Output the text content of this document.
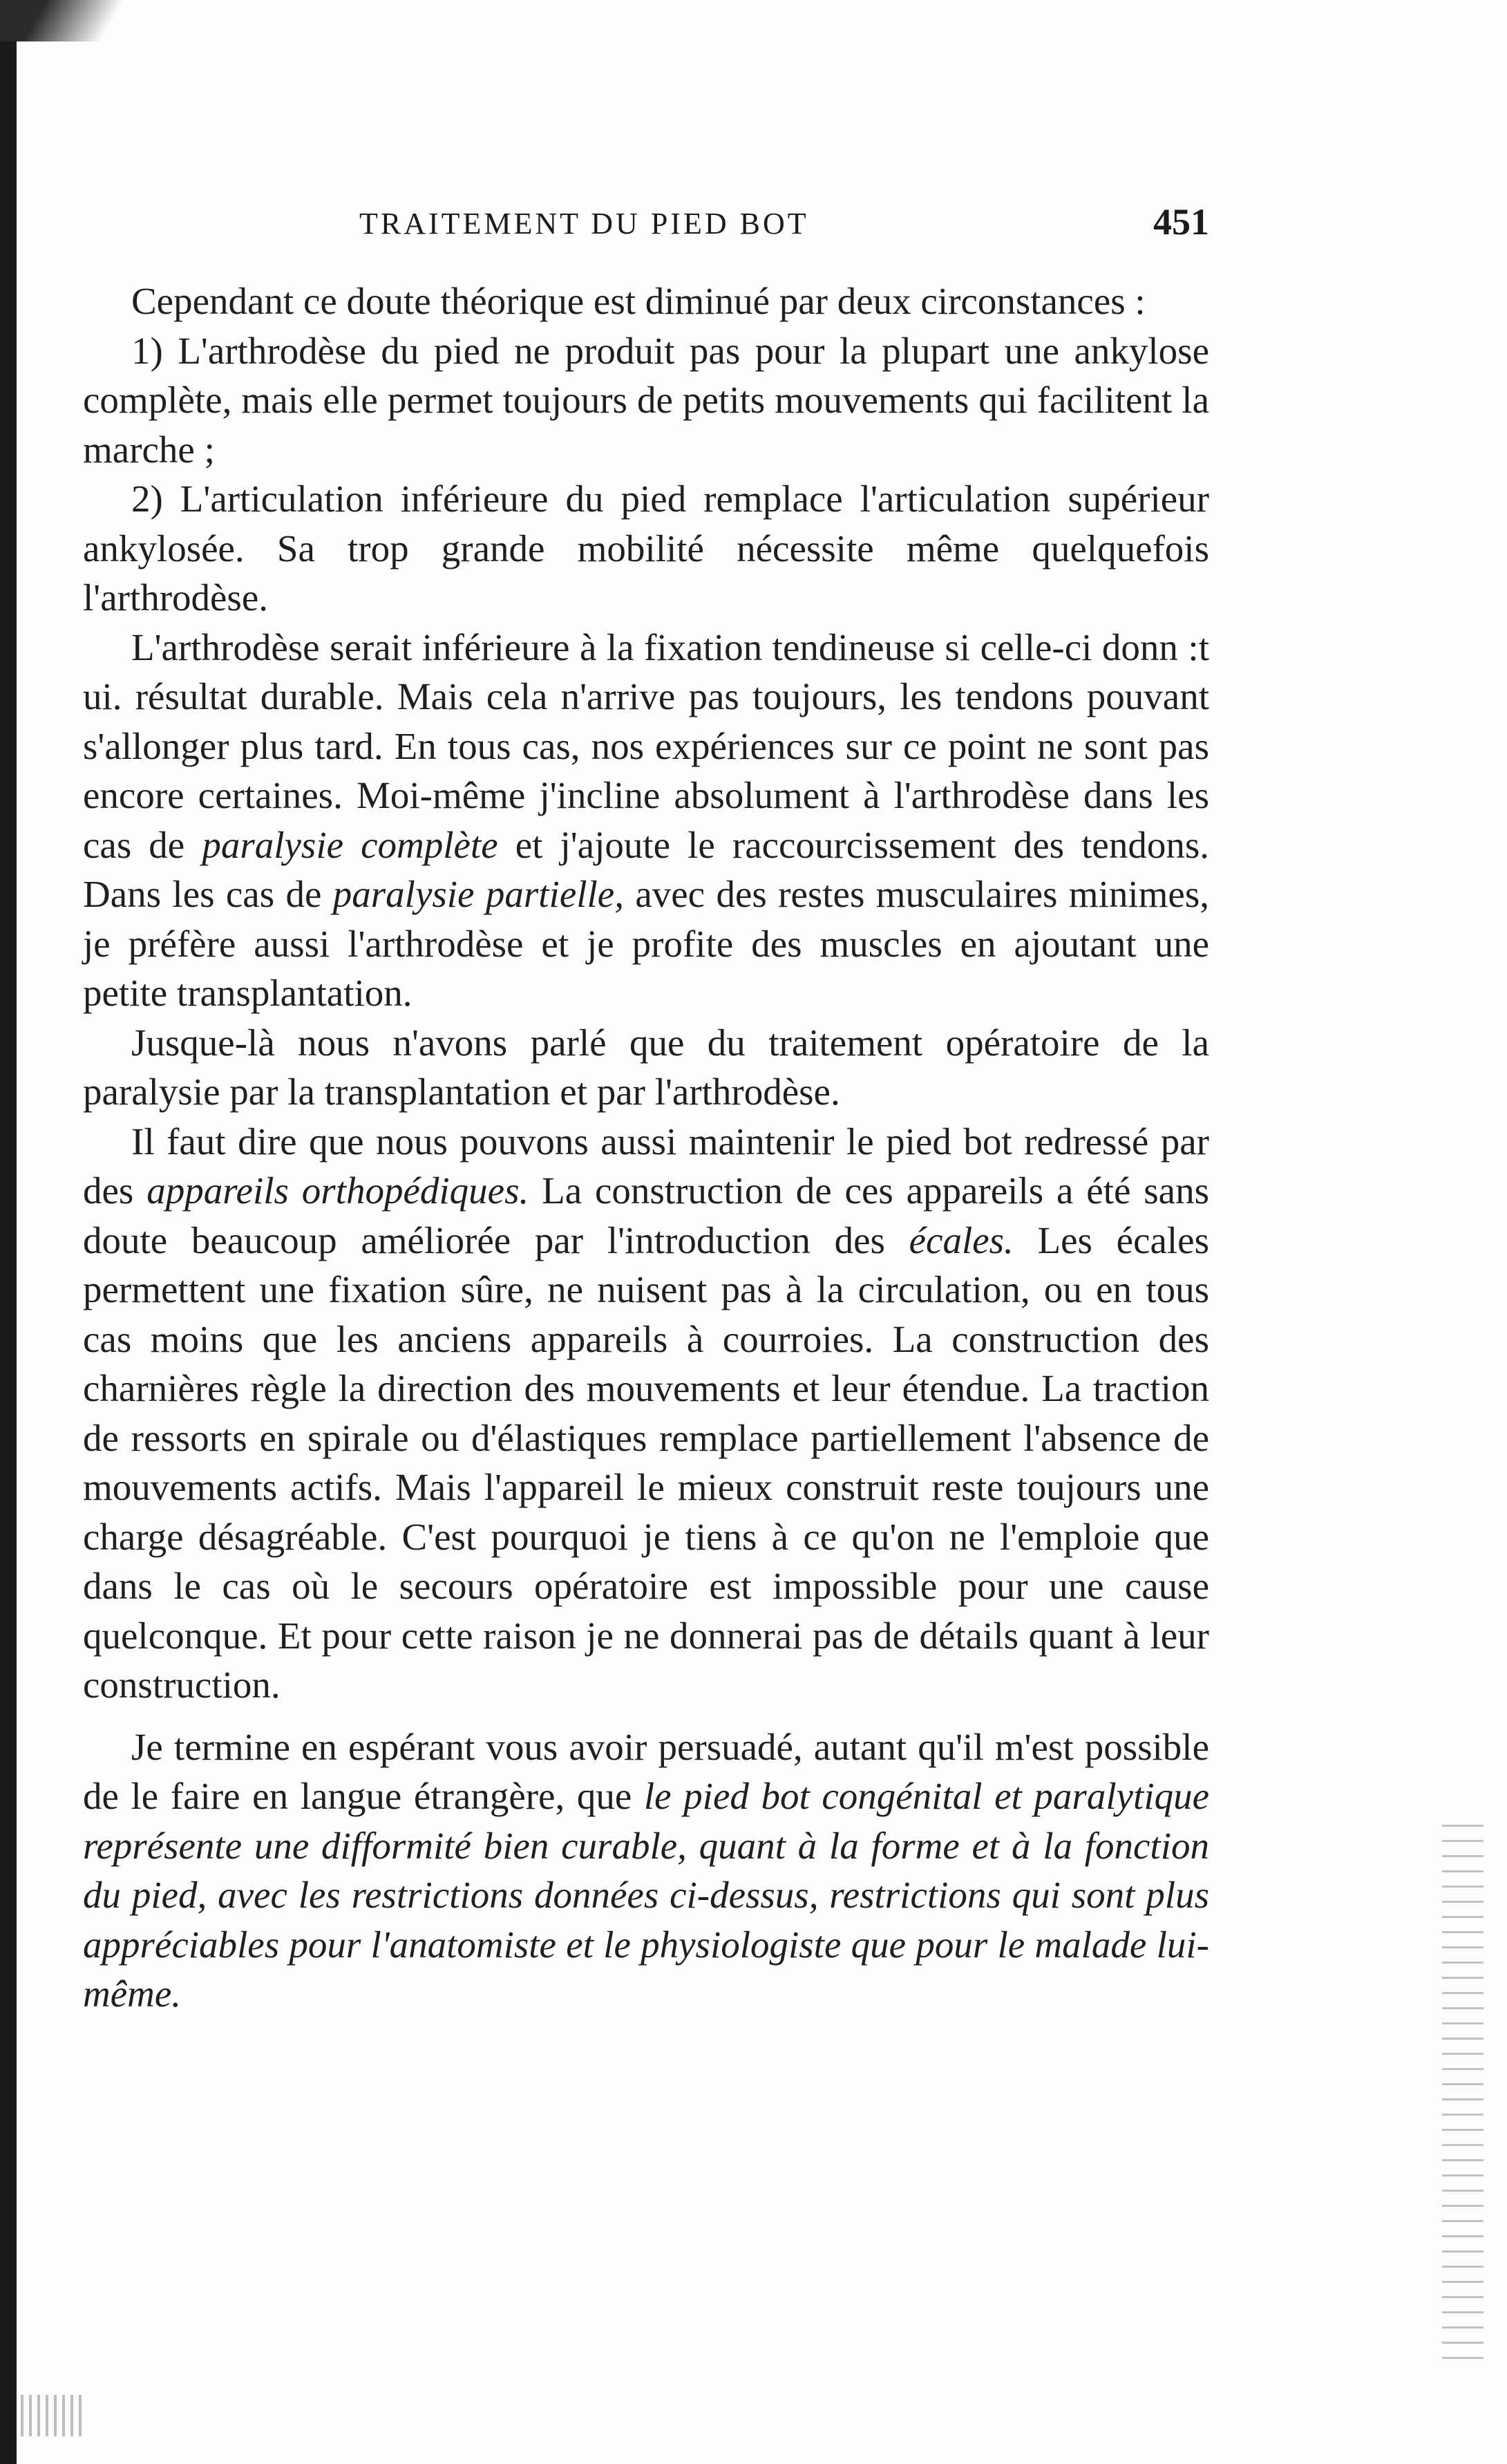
TRAITEMENT DU PIED BOT	451

Cependant ce doute théorique est diminué par deux circonstances :

1) L'arthrodèse du pied ne produit pas pour la plupart une ankylose complète, mais elle permet toujours de petits mouvements qui facilitent la marche ;

2) L'articulation inférieure du pied remplace l'articulation supérieur ankylosée. Sa trop grande mobilité nécessite même quelquefois l'arthrodèse.

L'arthrodèse serait inférieure à la fixation tendineuse si celle-ci donn :t ui. résultat durable. Mais cela n'arrive pas toujours, les tendons pouvant s'allonger plus tard. En tous cas, nos expériences sur ce point ne sont pas encore certaines. Moi-même j'incline absolument à l'arthrodèse dans les cas de paralysie complète et j'ajoute le raccourcissement des tendons. Dans les cas de paralysie partielle, avec des restes musculaires minimes, je préfère aussi l'arthrodèse et je profite des muscles en ajoutant une petite transplantation.

Jusque-là nous n'avons parlé que du traitement opératoire de la paralysie par la transplantation et par l'arthrodèse.

Il faut dire que nous pouvons aussi maintenir le pied bot redressé par des appareils orthopédiques. La construction de ces appareils a été sans doute beaucoup améliorée par l'introduction des écales. Les écales permettent une fixation sûre, ne nuisent pas à la circulation, ou en tous cas moins que les anciens appareils à courroies. La construction des charnières règle la direction des mouvements et leur étendue. La traction de ressorts en spirale ou d'élastiques remplace partiellement l'absence de mouvements actifs. Mais l'appareil le mieux construit reste toujours une charge désagréable. C'est pourquoi je tiens à ce qu'on ne l'emploie que dans le cas où le secours opératoire est impossible pour une cause quelconque. Et pour cette raison je ne donnerai pas de détails quant à leur construction.

Je termine en espérant vous avoir persuadé, autant qu'il m'est possible de le faire en langue étrangère, que le pied bot congénital et paralytique représente une difformité bien curable, quant à la forme et à la fonction du pied, avec les restrictions données ci-dessus, restrictions qui sont plus appréciables pour l'anatomiste et le physiologiste que pour le malade lui-même.
